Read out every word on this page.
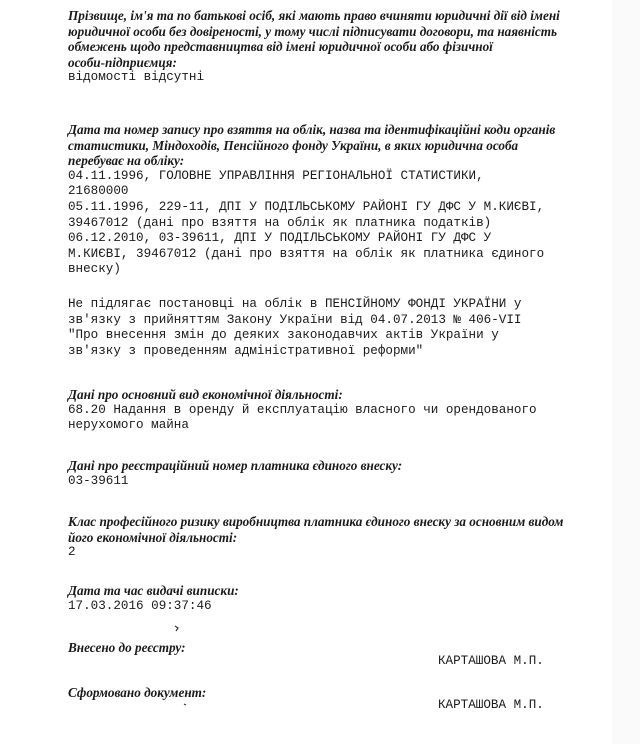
Прізвище, ім'я та по батькові осіб, які мають право вчиняти юридичні дії від імені

юридичної особи без довіреності, у тому числі підписувати договори, та наявність

обмежень щодо представництва від імені юридичної особи або фізичної

особи-підприємця:

відомості відсутні

Дата та номер запису про взяття на облік, назва та ідентифікаційні коди органів

статистики, Міндоходів, Пенсійного фонду України, в яких юридична особа

перебуває на обліку:

04.11.1996, ГОЛОВНЕ УПРАВЛІННЯ РЕГІОНАЛЬНОЇ СТАТИСТИКИ,

21680000

05.11.1996, 229-11, ДПІ У ПОДІЛЬСЬКОМУ РАЙОНІ ГУ ДФС У М.КИЄВІ,

39467012 (дані про взяття на облік як платника податків)

06.12.2010, 03-39611, ДПІ У ПОДІЛЬСЬКОМУ РАЙОНІ ГУ ДФС У

М.КИЄВІ, 39467012 (дані про взяття на облік як платника єдиного

внеску)

Не підлягає постановці на облік в ПЕНСІЙНОМУ ФОНДІ УКРАЇНИ у

зв'язку з прийняттям Закону України від 04.07.2013 № 406-VII

"Про внесення змін до деяких законодавчих актів України у

зв'язку з проведенням адміністративної реформи"

Дані про основний вид економічної діяльності:

68.20 Надання в оренду й експлуатацію власного чи орендованого

нерухомого майна

Дані про реєстраційний номер платника єдиного внеску:

03-39611

Клас професійного ризику виробництва платника єдиного внеску за основним видом

його економічної діяльності:

2

Дата та час видачі виписки:

17.03.2016 09:37:46

Внесено до реєстру:

КАРТАШОВА М.П.

Сформовано документ:

КАРТАШОВА М.П.
